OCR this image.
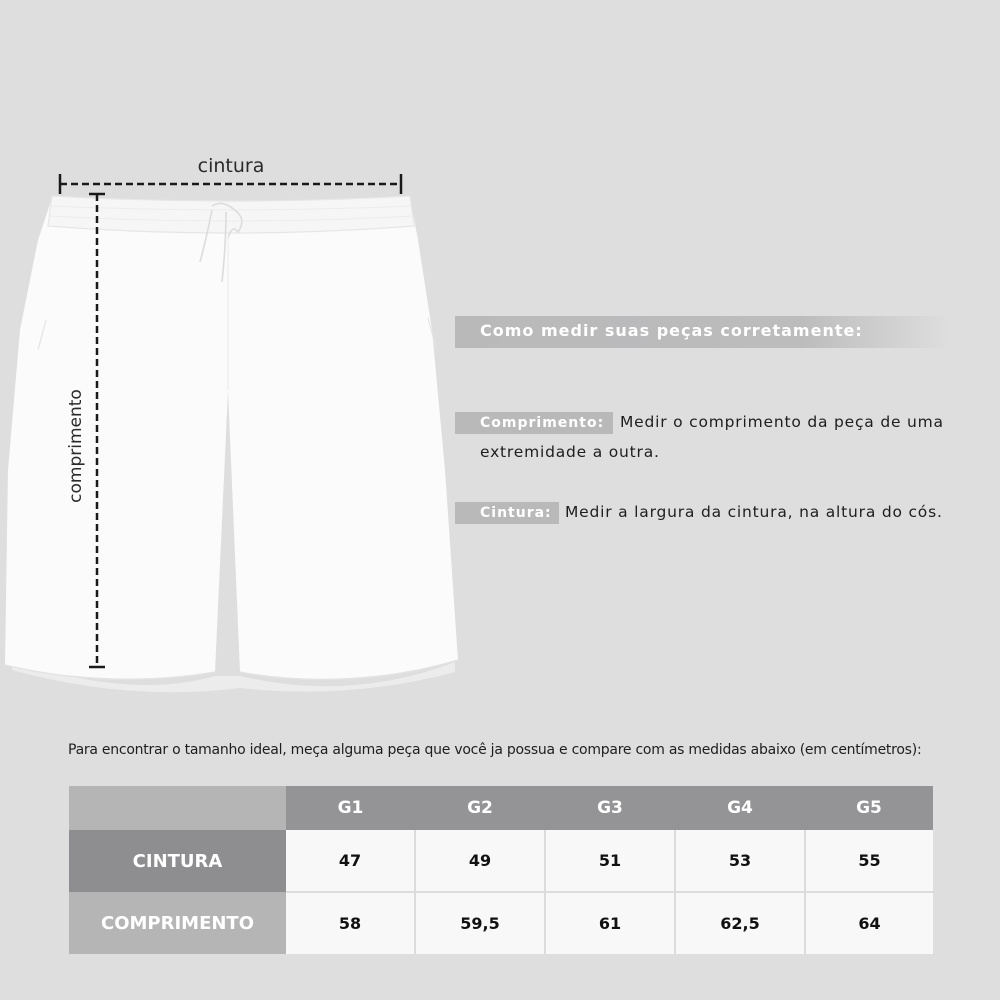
cintura
comprimento
Como medir suas peças corretamente:
Comprimento:	Medir o comprimento da peça de uma
extremidade a outra.
Cintura: Medir a largura da cintura, na altura do cós.
Para encontrar o tamanho ideal, meça alguma peça que você ja possua e compare com as medidas abaixo (em centímetros):
	G1	G2	G3	G4	G5
CINTURA	47	49	51	53	55
COMPRIMENTO	58	59,5	61	62,5	64
